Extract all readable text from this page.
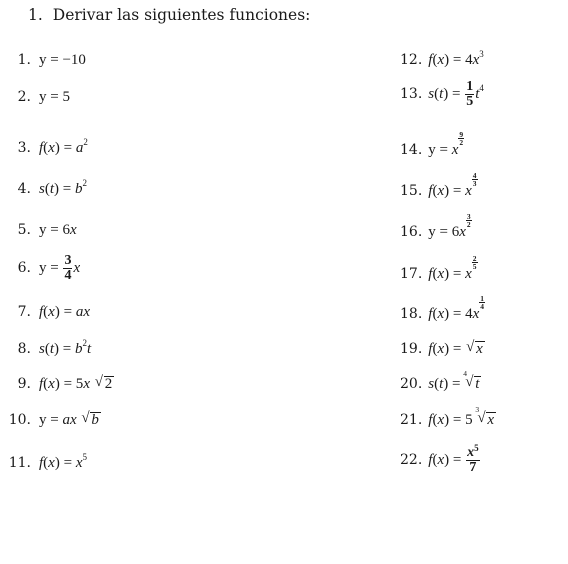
1. Derivar las siguientes funciones:
1. y = −10
2. y = 5
3. $f(x) = a^2$
4. $s(t) = b^2$
5. y = 6x
6. $y = \frac{3}{4}$ x
7. f(x) = ax
8. $s(t) = b^2t$
9. f(x) = 5x √ 2
10. y = ax √ b
11. $f(x) = x^5$
12. $f(x) = 4x^3$
13. $s(t) = \frac{1}{5} t^4$
14. y = x
$\frac{9}{2}$
15. f(x) = x
$\frac{4}{3}$
16. y = 6x
$\frac{3}{2}$
17. f(x) = x
$\frac{2}{5}$
18. f(x) = 4x
$\frac{1}{4}$
19. f(x) = √ x
20. s(t) =
4
√ t
21. f(x) = 5
3
√ x
22. $f(x) = \frac{x^5}{7}$
